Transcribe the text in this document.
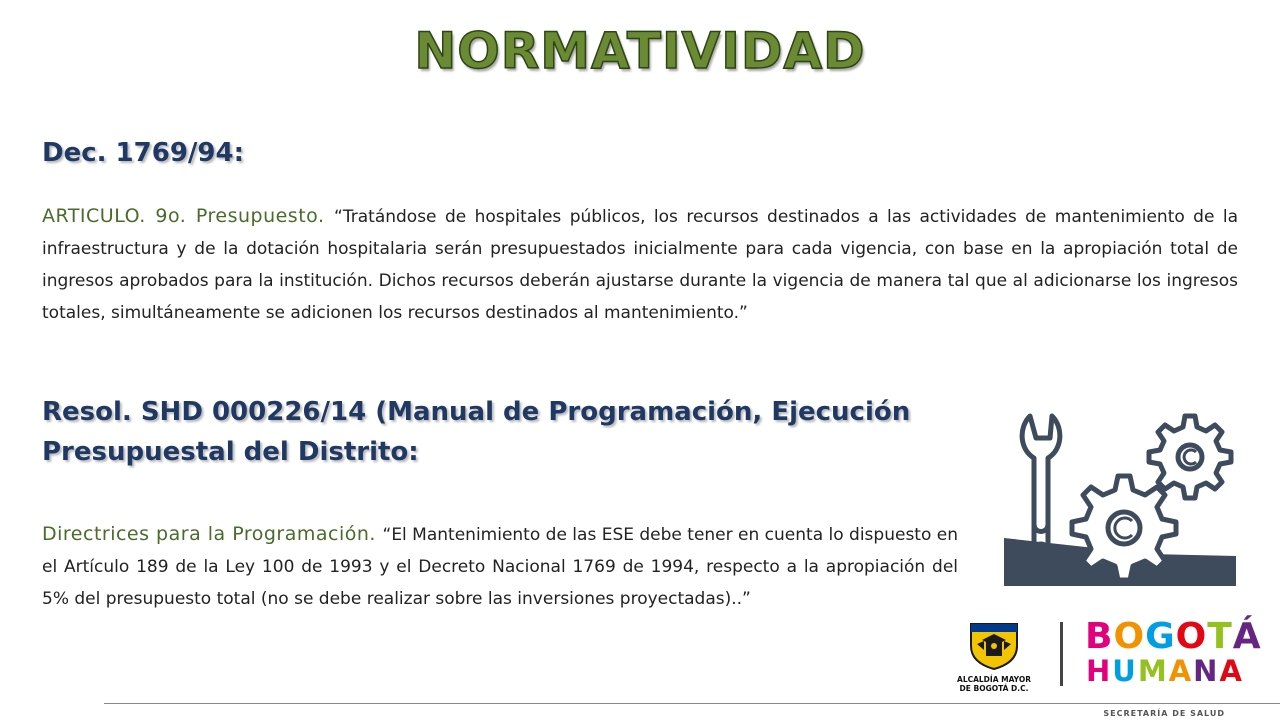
NORMATIVIDAD
Dec. 1769/94:
ARTICULO. 9o. Presupuesto. “Tratándose de hospitales públicos, los recursos destinados a las actividades de mantenimiento de la infraestructura y de la dotación hospitalaria serán presupuestados inicialmente para cada vigencia, con base en la apropiación total de ingresos aprobados para la institución. Dichos recursos deberán ajustarse durante la vigencia de manera tal que al adicionarse los ingresos totales, simultáneamente se adicionen los recursos destinados al mantenimiento.”
Resol. SHD 000226/14 (Manual de Programación, Ejecución Presupuestal del Distrito:
Directrices para la Programación. “El Mantenimiento de las ESE debe tener en cuenta lo dispuesto en el Artículo 189 de la Ley 100 de 1993 y el Decreto Nacional 1769 de 1994, respecto a la apropiación del 5% del presupuesto total (no se debe realizar sobre las inversiones proyectadas)..”
ALCALDÍA MAYOR
DE BOGOTÁ D.C.
BOGOTÁ
HUMANA
SECRETARÍA DE SALUD
